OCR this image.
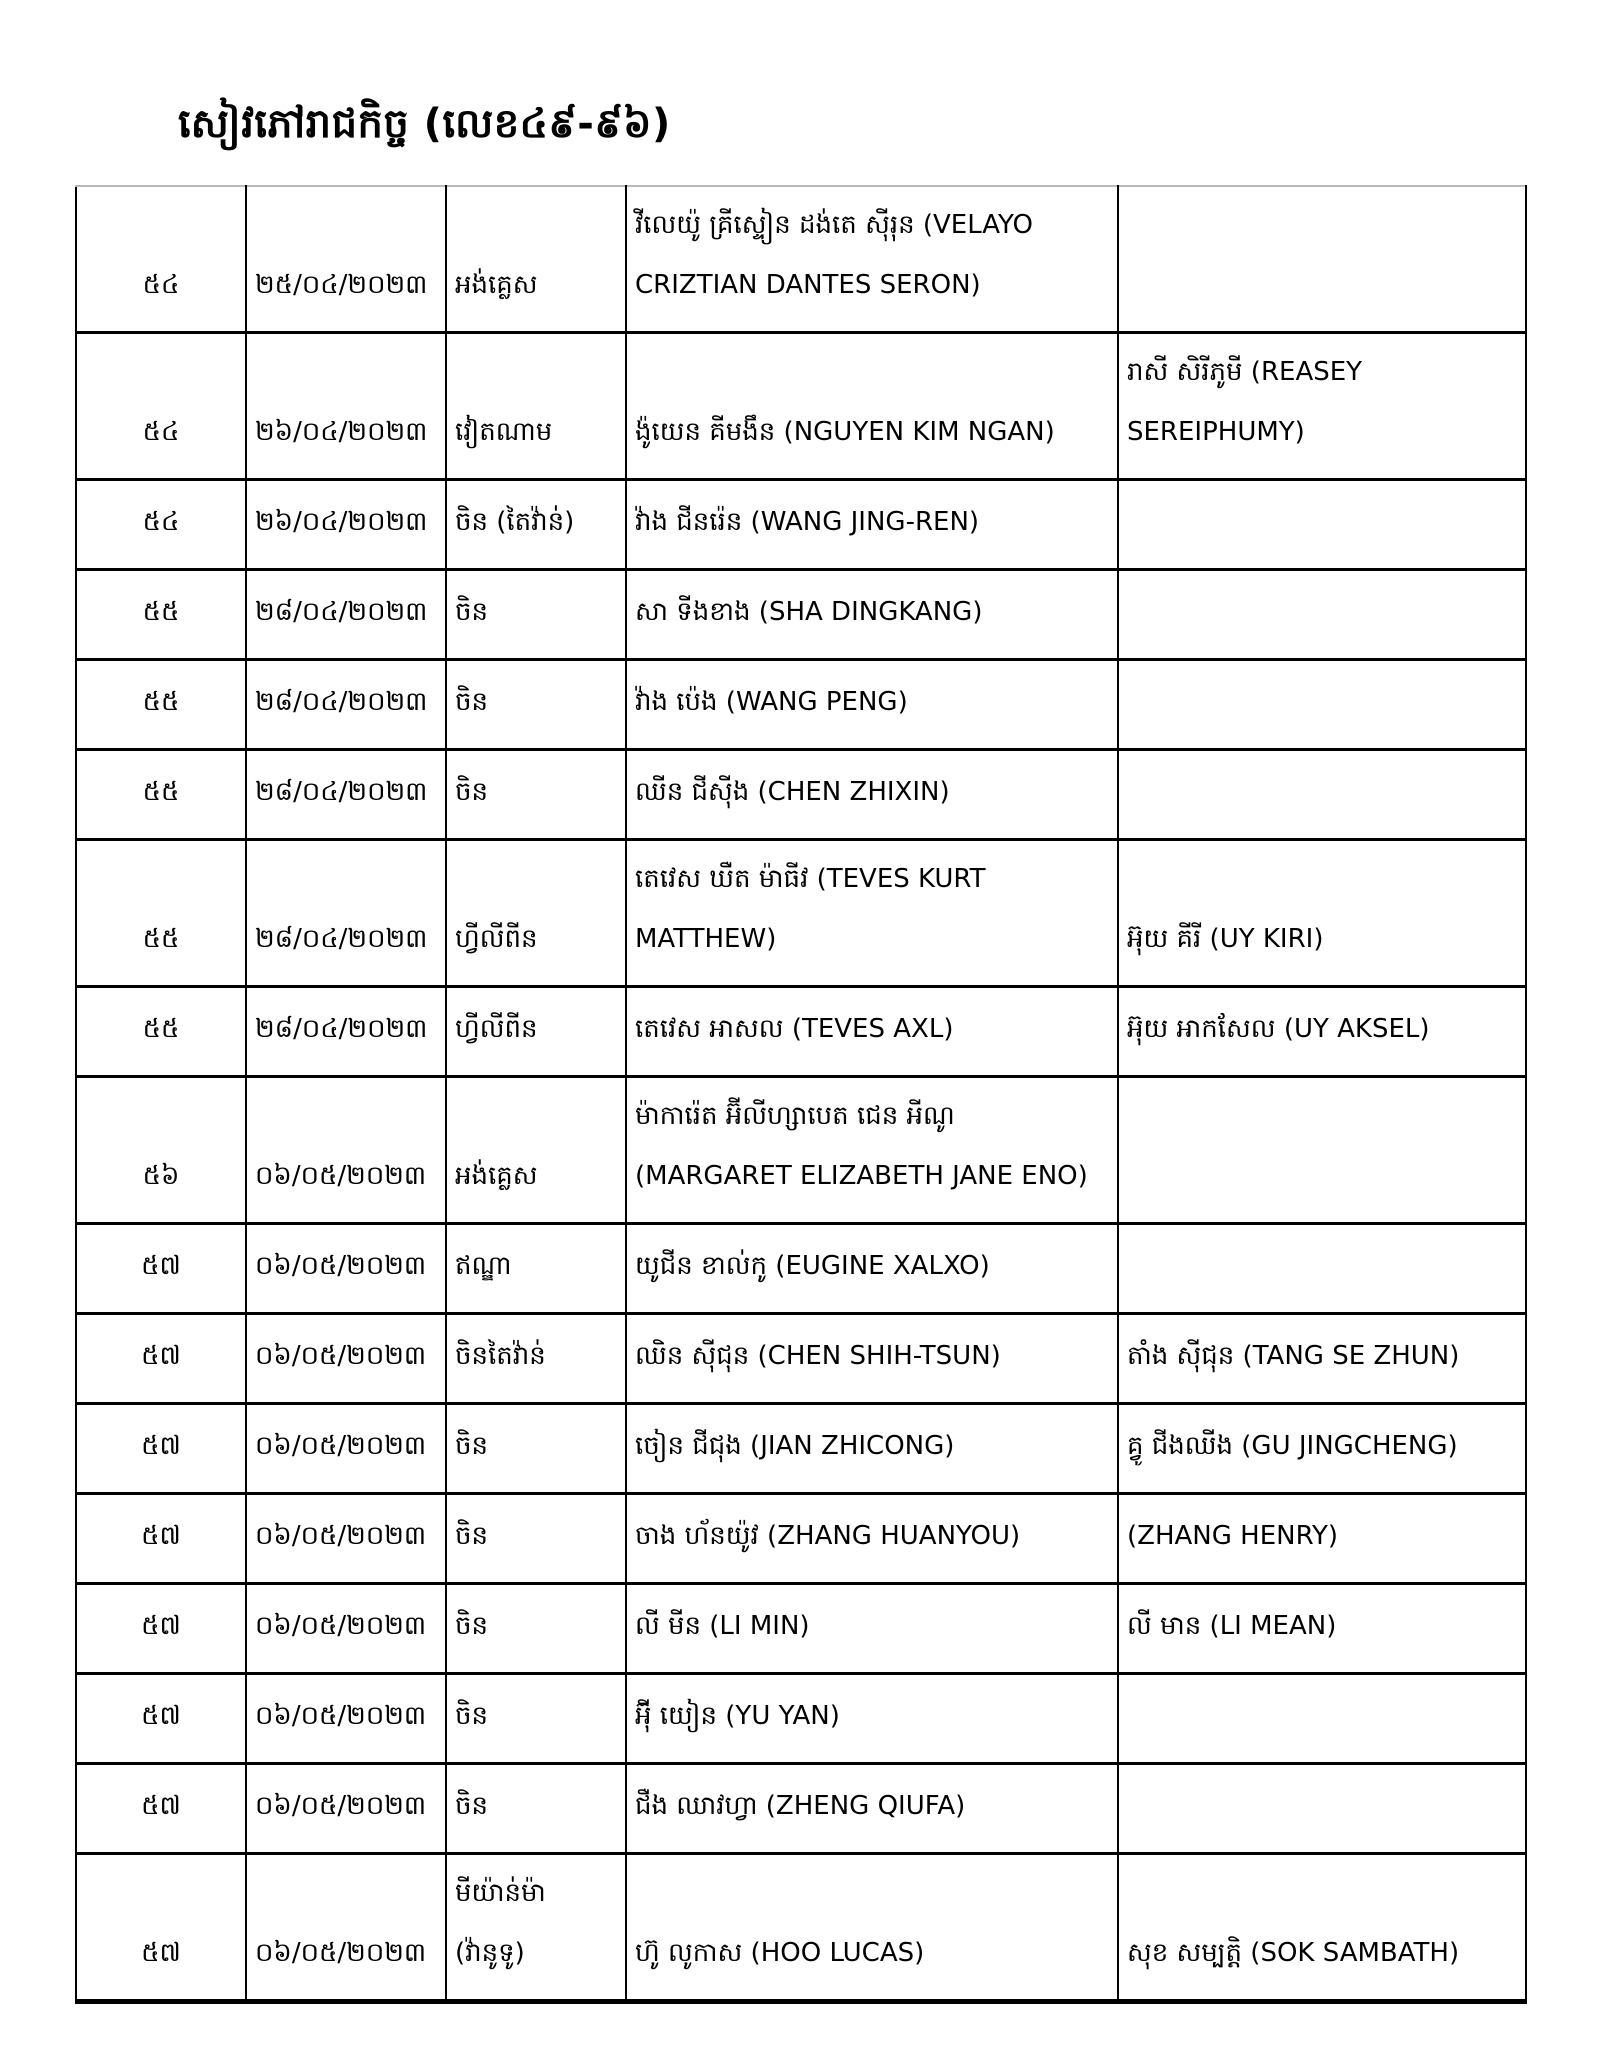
សៀវភៅរាជកិច្ច (លេខ៤៩-៩៦)
៥៤	២៥/០៤/២០២៣	អង់គ្លេស	វីលេយ៉ូ គ្រីស្ទៀន ដង់តេ ស៊ីរុន (VELAYO CRIZTIAN DANTES SERON)	
៥៤	២៦/០៤/២០២៣	វៀតណាម	ង៉ូយេន គីមងឹន (NGUYEN KIM NGAN)	រាសី សិរីភូមី (REASEY SEREIPHUMY)
៥៤	២៦/០៤/២០២៣	ចិន (តៃវ៉ាន់)	វ៉ាង ជីនរ៉េន (WANG JING-REN)	
៥៥	២៨/០៤/២០២៣	ចិន	សា ទីងខាង (SHA DINGKANG)	
៥៥	២៨/០៤/២០២៣	ចិន	វ៉ាង ប៉េង (WANG PENG)	
៥៥	២៨/០៤/២០២៣	ចិន	ឈីន ជីស៊ីង (CHEN ZHIXIN)	
៥៥	២៨/០៤/២០២៣	ហ្វីលីពីន	តេវេស ឃឺត ម៉ាធីវ (TEVES KURT MATTHEW)	អ៊ុយ គីរី (UY KIRI)
៥៥	២៨/០៤/២០២៣	ហ្វីលីពីន	តេវេស អាសល (TEVES AXL)	អ៊ុយ អាកសែល (UY AKSEL)
៥៦	០៦/០៥/២០២៣	អង់គ្លេស	ម៉ាការ៉េត អ៊ីលីហ្សាបេត ជេន អីណូ (MARGARET ELIZABETH JANE ENO)	
៥៧	០៦/០៥/២០២៣	ឥណ្ឌា	យូជីន ខាល់កូ (EUGINE XALXO)	
៥៧	០៦/០៥/២០២៣	ចិនតៃវ៉ាន់	ឈិន ស៊ីជុន (CHEN SHIH-TSUN)	តាំង ស៊ីជុន (TANG SE ZHUN)
៥៧	០៦/០៥/២០២៣	ចិន	ចៀន ជីជុង (JIAN ZHICONG)	គ្វូ ជីងឈីង (GU JINGCHENG)
៥៧	០៦/០៥/២០២៣	ចិន	ចាង ហ័នយ៉ូវ (ZHANG HUANYOU)	(ZHANG HENRY)
៥៧	០៦/០៥/២០២៣	ចិន	លី មីន (LI MIN)	លី មាន (LI MEAN)
៥៧	០៦/០៥/២០២៣	ចិន	អ៊ុី យៀន (YU YAN)	
៥៧	០៦/០៥/២០២៣	ចិន	ជឺង ឈាវហ្វា (ZHENG QIUFA)	
៥៧	០៦/០៥/២០២៣	មីយ៉ាន់ម៉ា (វ៉ានូទូ)	ហ៊ូ លូកាស (HOO LUCAS)	សុខ សម្បត្តិ (SOK SAMBATH)
